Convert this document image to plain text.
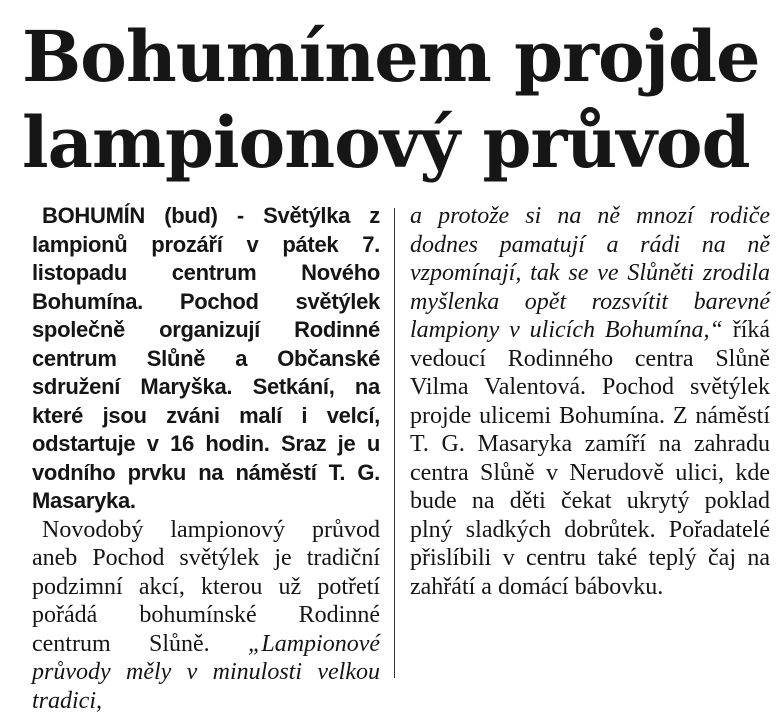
Bohumínem projde
lampionový průvod

BOHUMÍN (bud) - Světýlka z lampionů prozáří v pátek 7. listopadu centrum Nového Bohumína. Pochod světýlek společně organizují Rodinné centrum Slůně a Občanské sdružení Maryška. Setkání, na které jsou zváni malí i velcí, odstartuje v 16 hodin. Sraz je u vodního prvku na náměstí T. G. Masaryka.

Novodobý lampionový průvod aneb Pochod světýlek je tradiční podzimní akcí, kterou už potřetí pořádá bohumínské Rodinné centrum Slůně. „Lampionové průvody měly v minulosti velkou tradici,

a protože si na ně mnozí rodiče dodnes pamatují a rádi na ně vzpomínají, tak se ve Slůněti zrodila myšlenka opět rozsvítit barevné lampiony v ulicích Bohumína,“ říká vedoucí Rodinného centra Slůně Vilma Valentová. Pochod světýlek projde ulicemi Bohumína. Z náměstí T. G. Masaryka zamíří na zahradu centra Slůně v Nerudově ulici, kde bude na děti čekat ukrytý poklad plný sladkých dobrůtek. Pořadatelé přislíbili v centru také teplý čaj na zahřátí a domácí bábovku.
